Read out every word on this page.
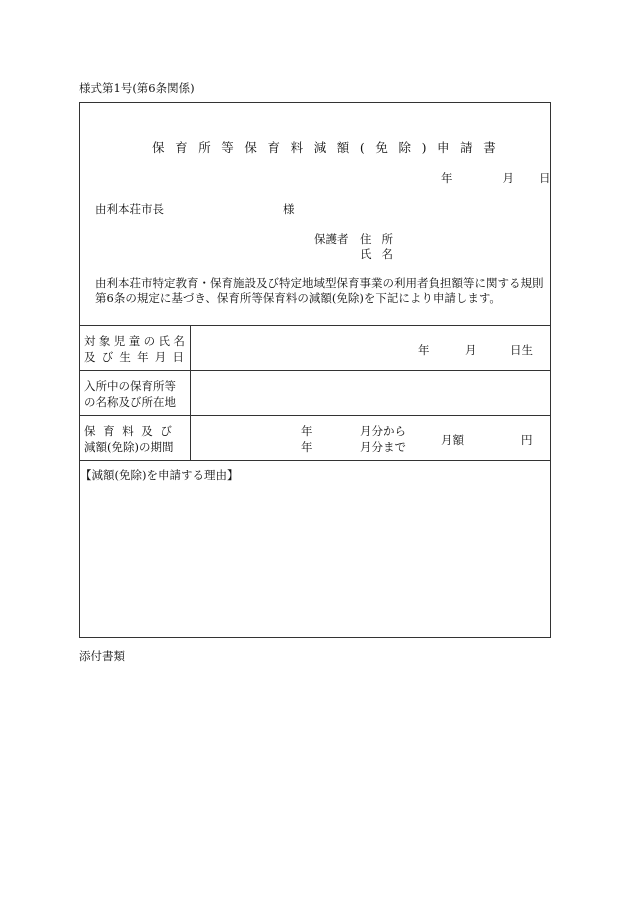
様式第1号(第6条関係)
保育所等保育料減額(免除)申請書
年	月 日
由利本荘市長	様
保護者 住所
氏名
由利本荘市特定教育・保育施設及び特定地域型保育事業の利用者負担額等に関する規則第6条の規定に基づき、保育所等保育料の減額(免除)を下記により申請します。
対象児童の氏名
及び生年月日	年	月	日生
入所中の保育所等
の名称及び所在地
保育料及び
減額(免除)の期間
年	月分から
年	月分まで	月額	円
【減額(免除)を申請する理由】
添付書類
